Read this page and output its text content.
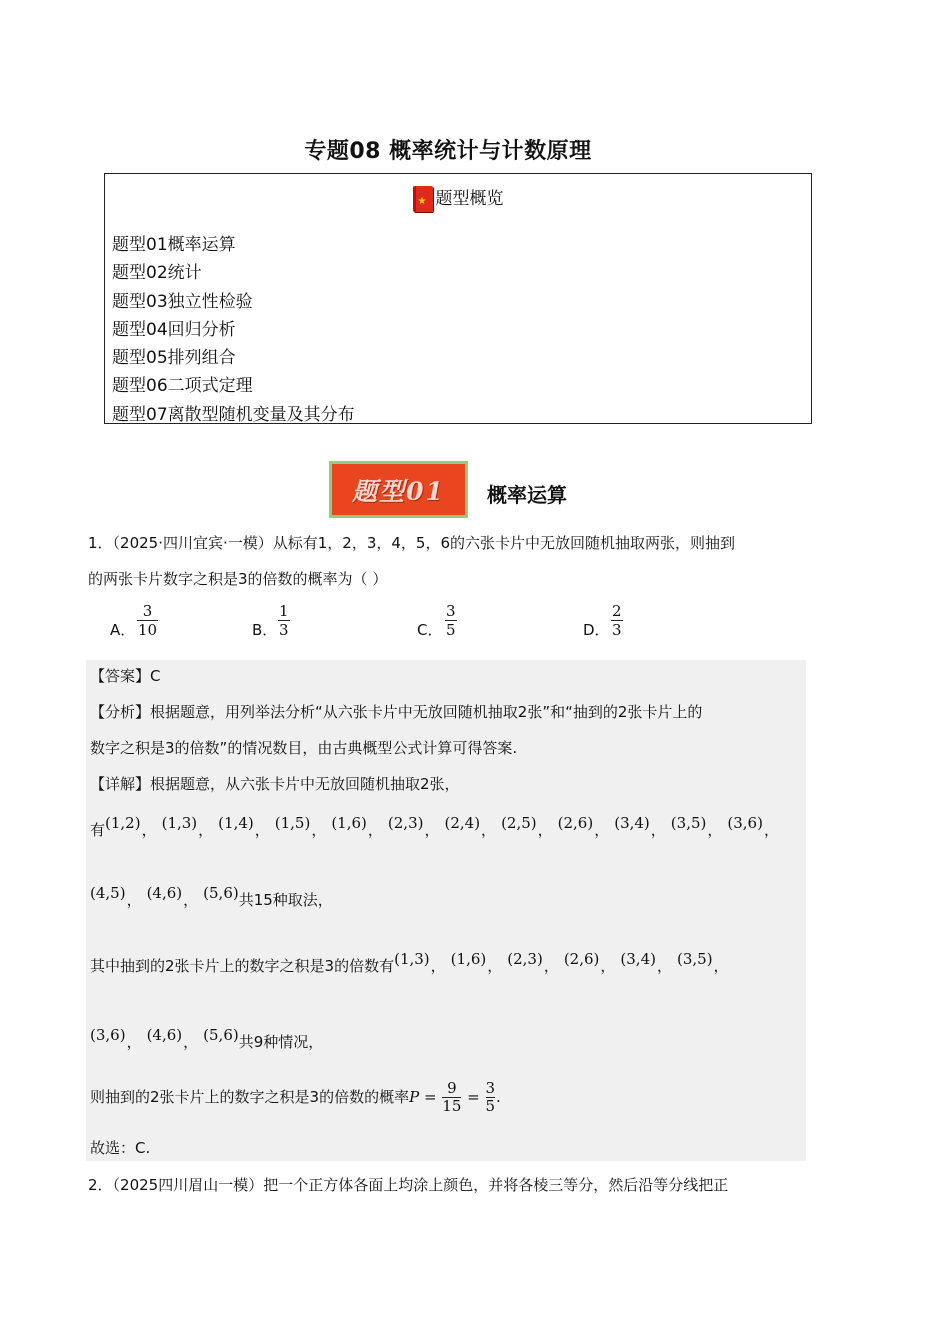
专题08 概率统计与计数原理
★题型概览
题型01概率运算
题型02统计
题型03独立性检验
题型04回归分析
题型05排列组合
题型06二项式定理
题型07离散型随机变量及其分布
题型01 概率运算
1．（2025·四川宜宾·一模）从标有1，2，3，4，5，6的六张卡片中无放回随机抽取两张，则抽到
的两张卡片数字之积是3的倍数的概率为（ ）
A． $\frac{3}{10}$	B． $\frac{1}{3}$	C． $\frac{3}{5}$	D． $\frac{2}{3}$
【答案】C
【分析】根据题意，用列举法分析“从六张卡片中无放回随机抽取2张”和“抽到的2张卡片上的
数字之积是3的倍数”的情况数目，由古典概型公式计算可得答案.
【详解】根据题意，从六张卡片中无放回随机抽取2张，
有(1,2)， (1,3)， (1,4)， (1,5)， (1,6)， (2,3)， (2,4)， (2,5)， (2,6)， (3,4)， (3,5)， (3,6)，
(4,5)， (4,6)， (5,6)共15种取法，
其中抽到的2张卡片上的数字之积是3的倍数有(1,3)， (1,6)， (2,3)， (2,6)， (3,4)， (3,5)，
(3,6)， (4,6)， (5,6)共9种情况，
则抽到的2张卡片上的数字之积是3的倍数的概率$P = \frac{9}{15} = \frac{3}{5}$ .
故选：C.
2．（2025四川眉山一模）把一个正方体各面上均涂上颜色，并将各棱三等分，然后沿等分线把正
